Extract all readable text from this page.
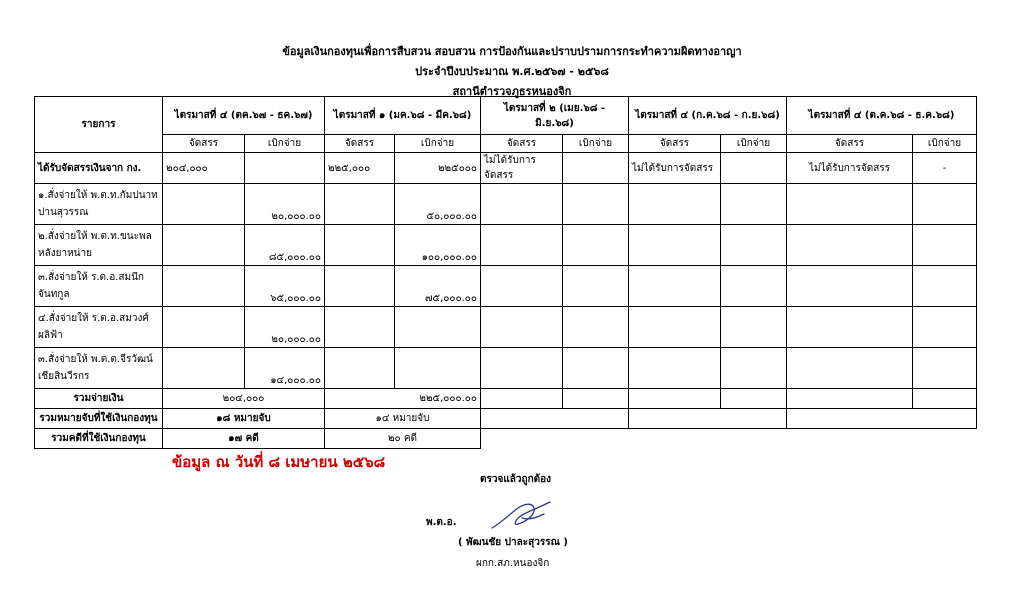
ข้อมูลเงินกองทุนเพื่อการสืบสวน สอบสวน การป้องกันและปราบปรามการกระทำความผิดทางอาญา
ประจำปีงบประมาณ พ.ศ.๒๕๖๗ - ๒๕๖๘
สถานีตำรวจภูธรหนองจิก
รายการ	ไตรมาสที่ ๔ (ตค.๖๗ - ธค.๖๗)		ไตรมาสที่ ๑ (มค.๖๘ - มีค.๖๘)		ไตรมาสที่ ๒ (เมย.๖๘ - มิ.ย.๖๘)		ไตรมาสที่ ๔ (ก.ค.๖๘ - ก.ย.๖๘)		ไตรมาสที่ ๔ (ต.ค.๖๘ - ธ.ค.๖๘)	
	จัดสรร	เบิกจ่าย	จัดสรร	เบิกจ่าย	จัดสรร	เบิกจ่าย	จัดสรร	เบิกจ่าย	จัดสรร	เบิกจ่าย
ได้รับจัดสรรเงินจาก กง.	๒๐๔,๐๐๐		๒๒๕,๐๐๐	๒๒๕๐๐๐	ไม่ได้รับการจัดสรร		ไม่ได้รับการจัดสรร		ไม่ได้รับการจัดสรร	-

๑.สั่งจ่ายให้ พ.ต.ท.กัมปนาท
ปานสุวรรณ		๒๐,๐๐๐.๐๐		๕๐,๐๐๐.๐๐						

๒.สั่งจ่ายให้ พ.ต.ท.ขนะพล
หลังยาหน่าย		๘๕,๐๐๐.๐๐		๑๐๐,๐๐๐.๐๐						

๓.สั่งจ่ายให้ ร.ต.อ.สมนึก
จันทกูล		๖๕,๐๐๐.๐๐		๗๕,๐๐๐.๐๐						

๔.สั่งจ่ายให้ ร.ต.อ.สมวงศ์
ผลิฟ้า		๒๐,๐๐๐.๐๐								

๓.สั่งจ่ายให้ พ.ต.ต.จีรวัฒน์
เชียสินวีรกร		๑๔,๐๐๐.๐๐								
รวมจ่ายเงิน	๒๐๔,๐๐๐		๒๒๕,๐๐๐.๐๐							
รวมหมายจับที่ใช้เงินกองทุน	๑๘ หมายจับ		๑๔ หมายจับ							
รวมคดีที่ใช้เงินกองทุน	๑๗ คดี		๒๐ คดี							
ข้อมูล ณ วันที่ ๘ เมษายน ๒๕๖๘
ตรวจแล้วถูกต้อง
พ.ต.อ.
( พัฒนชัย ปาละสุวรรณ )
ผกก.สภ.หนองจิก
